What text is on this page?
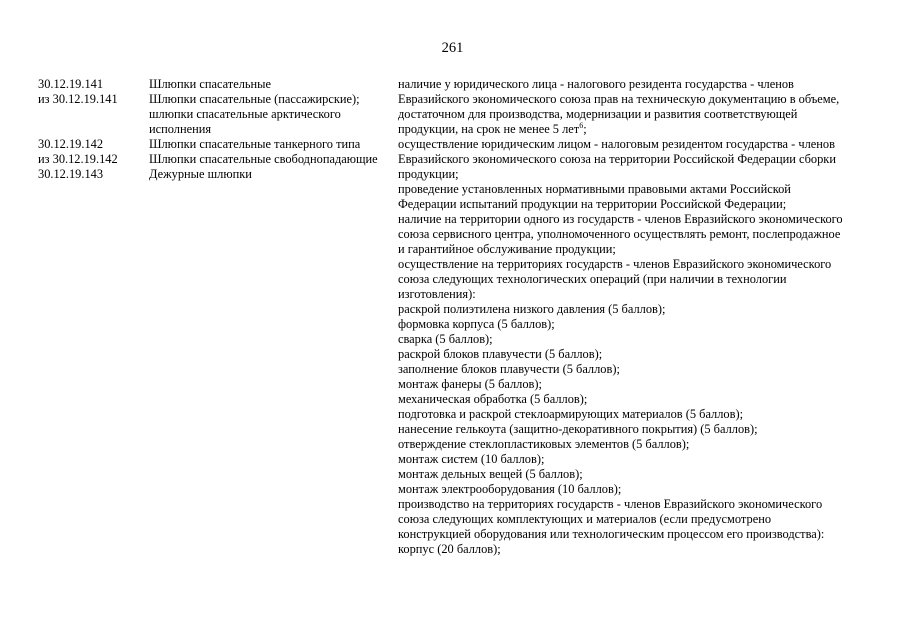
261
30.12.19.141
из 30.12.19.141
30.12.19.142
из 30.12.19.142
30.12.19.143
Шлюпки спасательные
Шлюпки спасательные (пассажирские);
шлюпки спасательные арктического
исполнения
Шлюпки спасательные танкерного типа
Шлюпки спасательные свободнопадающие
Дежурные шлюпки
наличие у юридического лица - налогового резидента государства - членов
Евразийского экономического союза прав на техническую документацию в объеме,
достаточном для производства, модернизации и развития соответствующей
продукции, на срок не менее 5 лет$^6$;
осуществление юридическим лицом - налоговым резидентом государства - членов
Евразийского экономического союза на территории Российской Федерации сборки
продукции;
проведение установленных нормативными правовыми актами Российской
Федерации испытаний продукции на территории Российской Федерации;
наличие на территории одного из государств - членов Евразийского экономического
союза сервисного центра, уполномоченного осуществлять ремонт, послепродажное
и гарантийное обслуживание продукции;
осуществление на территориях государств - членов Евразийского экономического
союза следующих технологических операций (при наличии в технологии
изготовления):
раскрой полиэтилена низкого давления (5 баллов);
формовка корпуса (5 баллов);
сварка (5 баллов);
раскрой блоков плавучести (5 баллов);
заполнение блоков плавучести (5 баллов);
монтаж фанеры (5 баллов);
механическая обработка (5 баллов);
подготовка и раскрой стеклоармирующих материалов (5 баллов);
нанесение гелькоута (защитно-декоративного покрытия) (5 баллов);
отверждение стеклопластиковых элементов (5 баллов);
монтаж систем (10 баллов);
монтаж дельных вещей (5 баллов);
монтаж электрооборудования (10 баллов);
производство на территориях государств - членов Евразийского экономического
союза следующих комплектующих и материалов (если предусмотрено
конструкцией оборудования или технологическим процессом его производства):
корпус (20 баллов);
